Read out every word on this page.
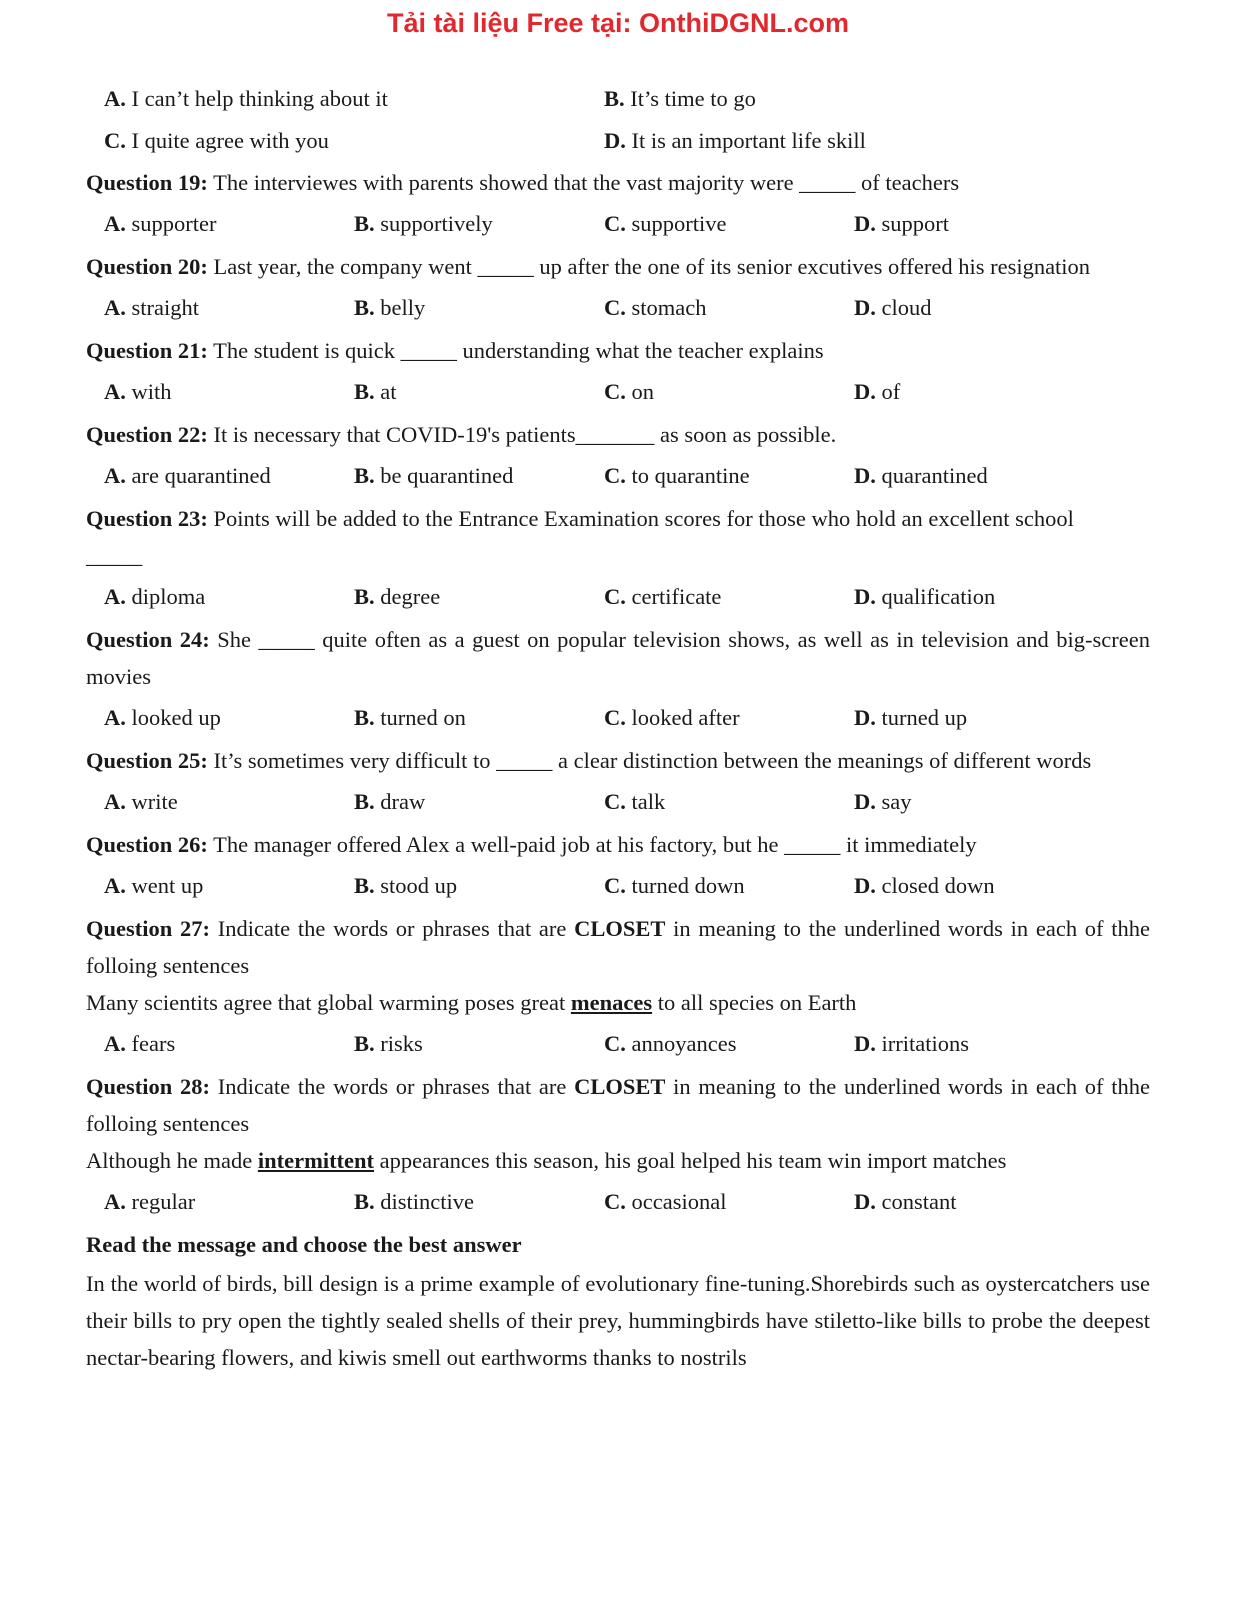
Tải tài liệu Free tại: OnthiDGNL.com
A. I can’t help thinking about it	B. It’s time to go
C. I quite agree with you	D. It is an important life skill

Question 19: The interviewes with parents showed that the vast majority were _____ of teachers

A. supporter	B. supportively	C. supportive	D. support

Question 20: Last year, the company went _____ up after the one of its senior excutives offered his resignation

A. straight	B. belly	C. stomach	D. cloud

Question 21: The student is quick _____ understanding what the teacher explains

A. with	B. at	C. on	D. of

Question 22: It is necessary that COVID-19's patients_______ as soon as possible.

A. are quarantined	B. be quarantined	C. to quarantine	D. quarantined

Question 23: Points will be added to the Entrance Examination scores for those who hold an excellent school

_____

A. diploma	B. degree	C. certificate	D. qualification

Question 24: She _____ quite often as a guest on popular television shows, as well as in television and big-screen movies

A. looked up	B. turned on	C. looked after	D. turned up

Question 25: It’s sometimes very difficult to _____ a clear distinction between the meanings of different words

A. write	B. draw	C. talk	D. say

Question 26: The manager offered Alex a well-paid job at his factory, but he _____ it immediately

A. went up	B. stood up	C. turned down	D. closed down

Question 27: Indicate the words or phrases that are CLOSET in meaning to the underlined words in each of thhe folloing sentences

Many scientits agree that global warming poses great menaces to all species on Earth

A. fears	B. risks	C. annoyances	D. irritations

Question 28: Indicate the words or phrases that are CLOSET in meaning to the underlined words in each of thhe folloing sentences

Although he made intermittent appearances this season, his goal helped his team win import matches

A. regular	B. distinctive	C. occasional	D. constant

Read the message and choose the best answer

In the world of birds, bill design is a prime example of evolutionary fine-tuning.Shorebirds such as oystercatchers use their bills to pry open the tightly sealed shells of their prey, hummingbirds have stiletto-like bills to probe the deepest nectar-bearing flowers, and kiwis smell out earthworms thanks to nostrils
